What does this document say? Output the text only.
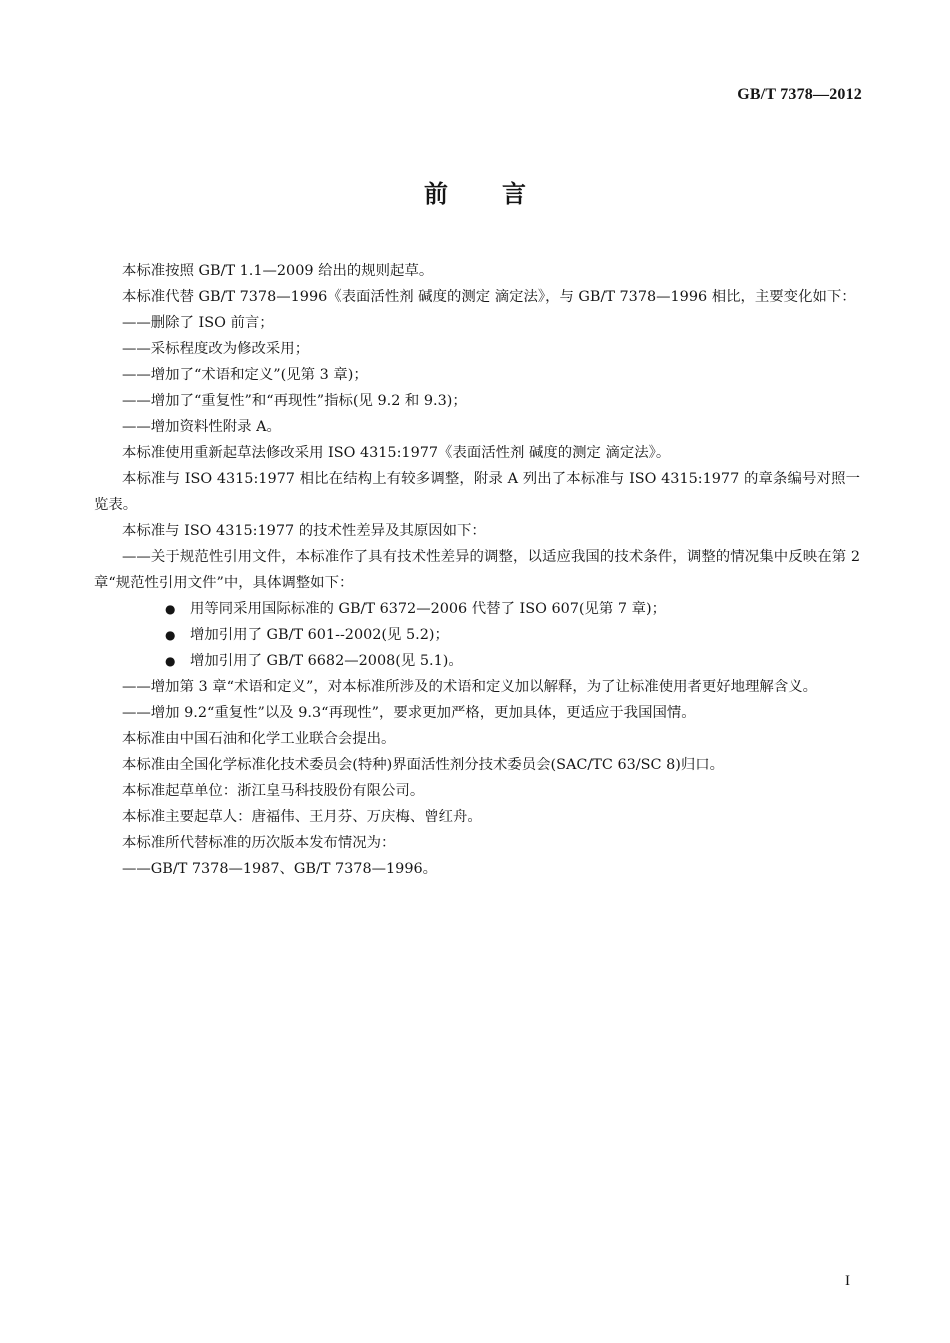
GB/T 7378—2012
前言

本标准按照 GB/T 1.1—2009 给出的规则起草。

本标准代替 GB/T 7378—1996《表面活性剂 碱度的测定 滴定法》，与 GB/T 7378—1996 相比，主要变化如下：

——删除了 ISO 前言；

——采标程度改为修改采用；

——增加了“术语和定义”(见第 3 章)；

——增加了“重复性”和“再现性”指标(见 9.2 和 9.3)；

——增加资料性附录 A。

本标准使用重新起草法修改采用 ISO 4315:1977《表面活性剂 碱度的测定 滴定法》。

本标准与 ISO 4315:1977 相比在结构上有较多调整，附录 A 列出了本标准与 ISO 4315:1977 的章条编号对照一览表。

本标准与 ISO 4315:1977 的技术性差异及其原因如下：

——关于规范性引用文件，本标准作了具有技术性差异的调整，以适应我国的技术条件，调整的情况集中反映在第 2 章“规范性引用文件”中，具体调整如下：

● 用等同采用国际标准的 GB/T 6372—2006 代替了 ISO 607(见第 7 章)；

● 增加引用了 GB/T 601--2002(见 5.2)；

● 增加引用了 GB/T 6682—2008(见 5.1)。

——增加第 3 章“术语和定义”，对本标准所涉及的术语和定义加以解释，为了让标准使用者更好地理解含义。

——增加 9.2“重复性”以及 9.3“再现性”，要求更加严格，更加具体，更适应于我国国情。

本标准由中国石油和化学工业联合会提出。

本标准由全国化学标准化技术委员会(特种)界面活性剂分技术委员会(SAC/TC 63/SC 8)归口。

本标准起草单位：浙江皇马科技股份有限公司。

本标准主要起草人：唐福伟、王月芬、万庆梅、曾红舟。

本标准所代替标准的历次版本发布情况为：

——GB/T 7378—1987、GB/T 7378—1996。

I
